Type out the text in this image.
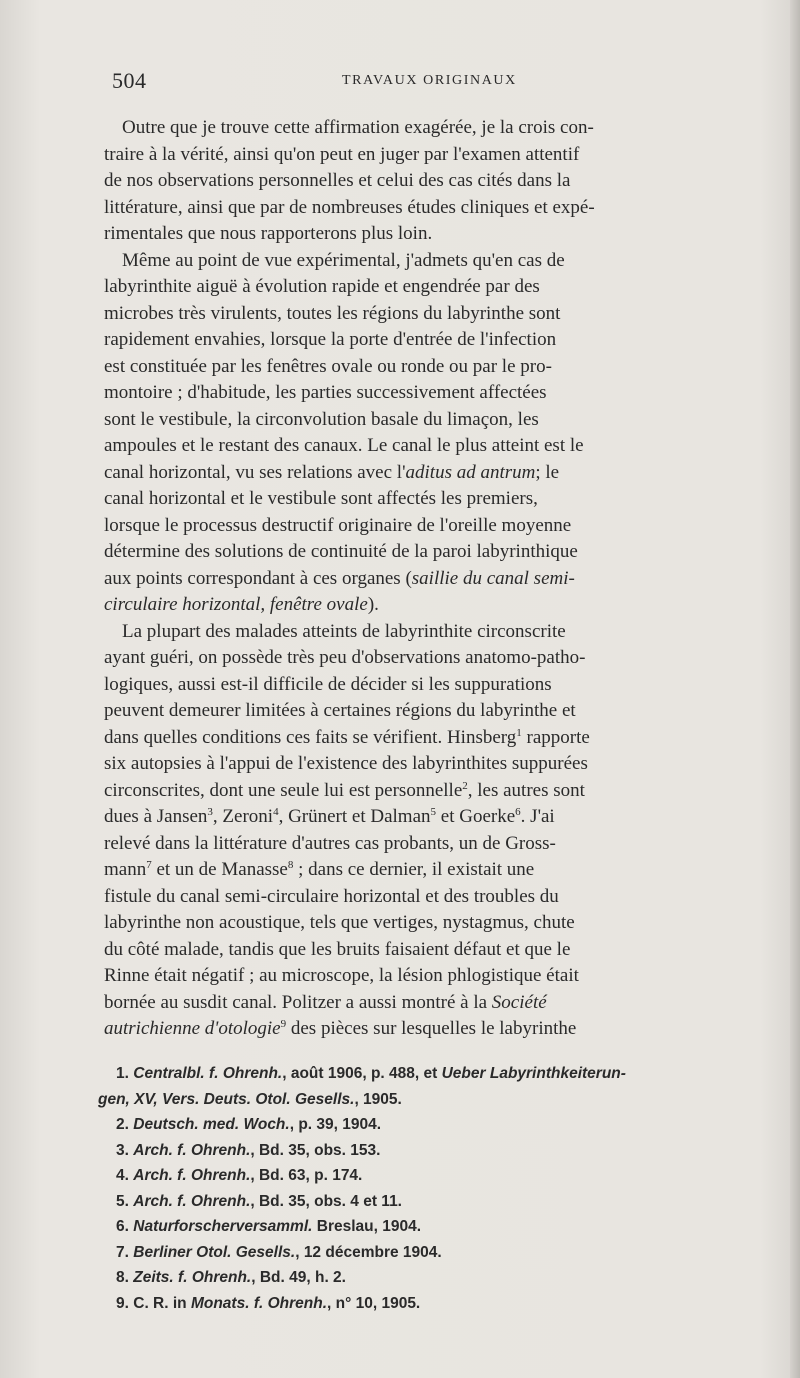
504	TRAVAUX ORIGINAUX

Outre que je trouve cette affirmation exagérée, je la crois con-
traire à la vérité, ainsi qu'on peut en juger par l'examen attentif
de nos observations personnelles et celui des cas cités dans la
littérature, ainsi que par de nombreuses études cliniques et expé-
rimentales que nous rapporterons plus loin.

Même au point de vue expérimental, j'admets qu'en cas de
labyrinthite aiguë à évolution rapide et engendrée par des
microbes très virulents, toutes les régions du labyrinthe sont
rapidement envahies, lorsque la porte d'entrée de l'infection
est constituée par les fenêtres ovale ou ronde ou par le pro-
montoire ; d'habitude, les parties successivement affectées
sont le vestibule, la circonvolution basale du limaçon, les
ampoules et le restant des canaux. Le canal le plus atteint est le
canal horizontal, vu ses relations avec l'aditus ad antrum; le
canal horizontal et le vestibule sont affectés les premiers,
lorsque le processus destructif originaire de l'oreille moyenne
détermine des solutions de continuité de la paroi labyrinthique
aux points correspondant à ces organes (saillie du canal semi-
circulaire horizontal, fenêtre ovale).

La plupart des malades atteints de labyrinthite circonscrite
ayant guéri, on possède très peu d'observations anatomo-patho-
logiques, aussi est-il difficile de décider si les suppurations
peuvent demeurer limitées à certaines régions du labyrinthe et
dans quelles conditions ces faits se vérifient. Hinsberg$^1$ rapporte
six autopsies à l'appui de l'existence des labyrinthites suppurées
circonscrites, dont une seule lui est personnelle$^2$, les autres sont
dues à Jansen$^3$, Zeroni$^4$, Grünert et Dalman$^5$ et Goerke$^6$. J'ai
relevé dans la littérature d'autres cas probants, un de Gross-
mann$^7$ et un de Manasse$^8$ ; dans ce dernier, il existait une
fistule du canal semi-circulaire horizontal et des troubles du
labyrinthe non acoustique, tels que vertiges, nystagmus, chute
du côté malade, tandis que les bruits faisaient défaut et que le
Rinne était négatif ; au microscope, la lésion phlogistique était
bornée au susdit canal. Politzer a aussi montré à la Société
autrichienne d'otologie$^9$ des pièces sur lesquelles le labyrinthe

1. Centralbl. f. Ohrenh., août 1906, p. 488, et Ueber Labyrinthkeiterun-
gen, XV, Vers. Deuts. Otol. Gesells., 1905.
2. Deutsch. med. Woch., p. 39, 1904.
3. Arch. f. Ohrenh., Bd. 35, obs. 153.
4. Arch. f. Ohrenh., Bd. 63, p. 174.
5. Arch. f. Ohrenh., Bd. 35, obs. 4 et 11.
6. Naturforscherversamml. Breslau, 1904.
7. Berliner Otol. Gesells., 12 décembre 1904.
8. Zeits. f. Ohrenh., Bd. 49, h. 2.
9. C. R. in Monats. f. Ohrenh., n° 10, 1905.
